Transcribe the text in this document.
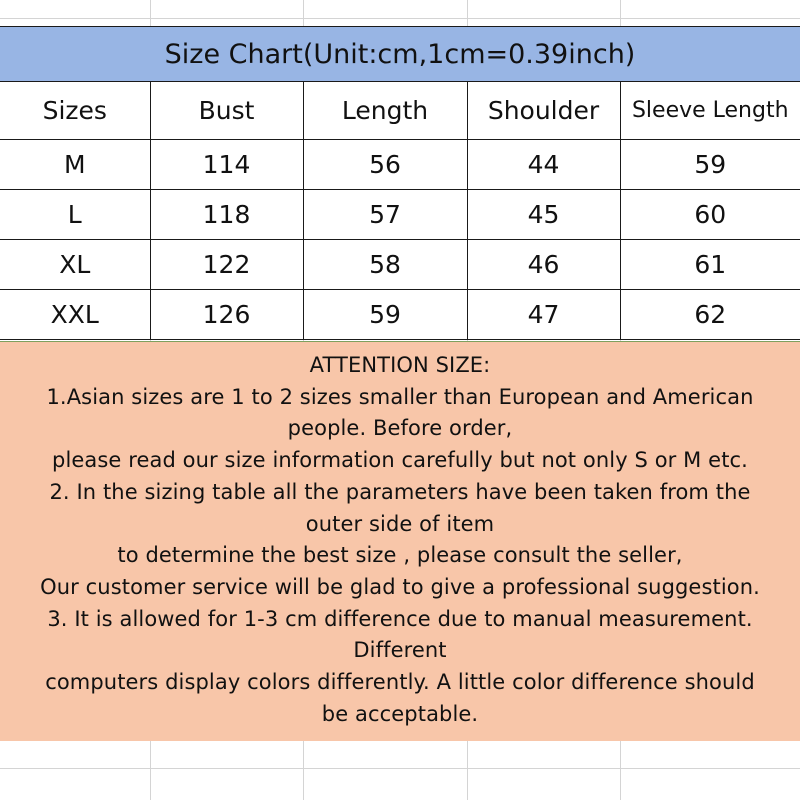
Size Chart(Unit:cm,1cm=0.39inch)				
Sizes	Bust	Length	Shoulder	Sleeve Length
M	114	56	44	59
L	118	57	45	60
XL	122	58	46	61
XXL	126	59	47	62
ATTENTION SIZE:
1.Asian sizes are 1 to 2 sizes smaller than European and American
people. Before order,
please read our size information carefully but not only S or M etc.
2. In the sizing table all the parameters have been taken from the
outer side of item
to determine the best size , please consult the seller,
Our customer service will be glad to give a professional suggestion.
3. It is allowed for 1-3 cm difference due to manual measurement.
Different
computers display colors differently. A little color difference should
be acceptable.
